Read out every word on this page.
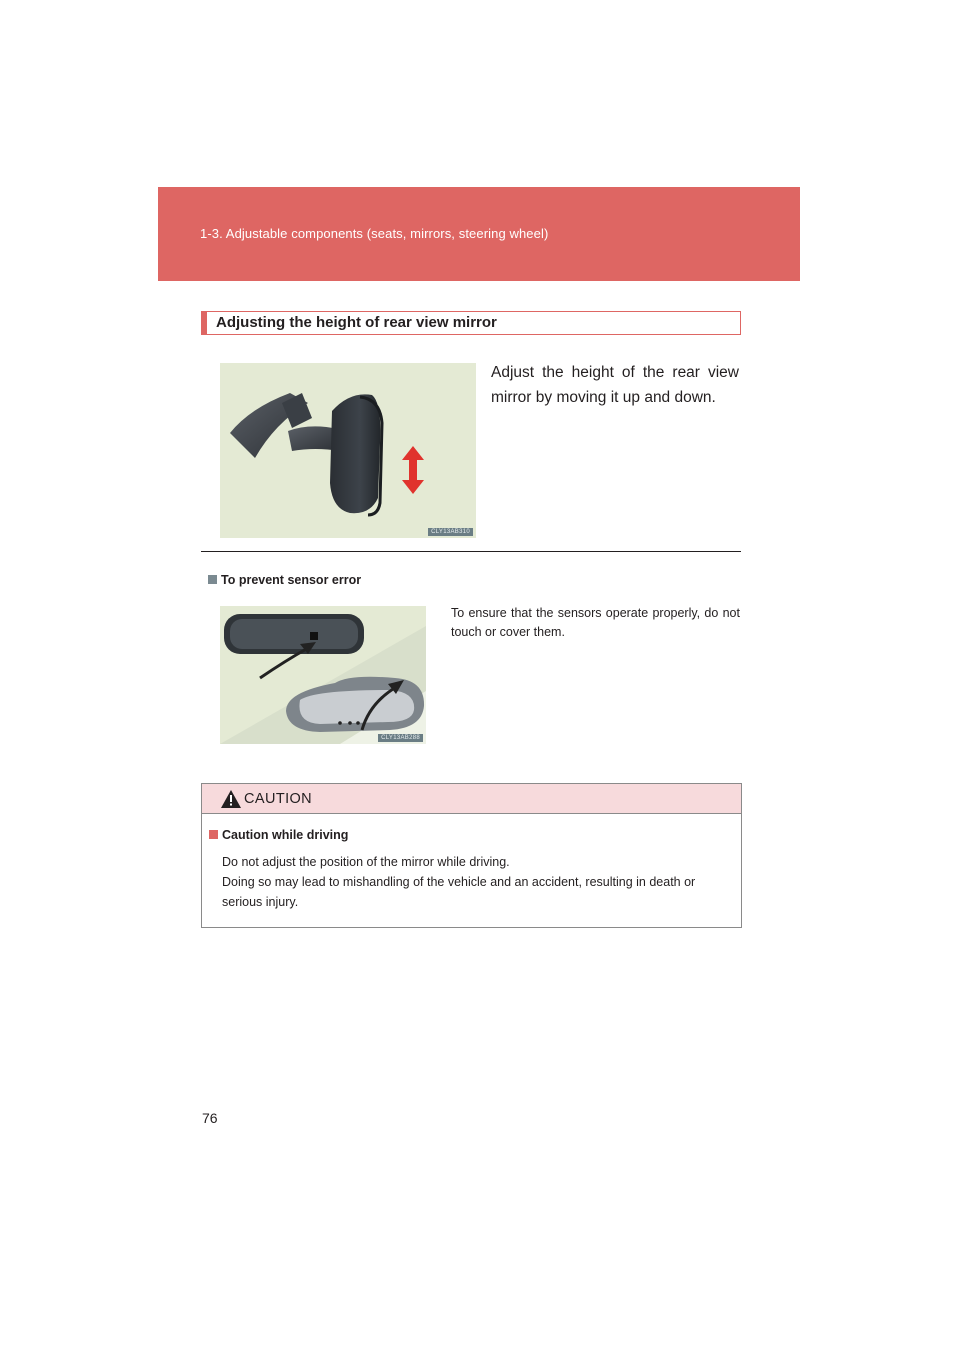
1-3. Adjustable components (seats, mirrors, steering wheel)
Adjusting the height of rear view mirror
CLY13AB310
Adjust the height of the rear view mirror by moving it up and down.
To prevent sensor error
CLY13AB288
To ensure that the sensors operate properly, do not touch or cover them.
CAUTION
Caution while driving
Do not adjust the position of the mirror while driving.
Doing so may lead to mishandling of the vehicle and an accident, resulting in death or serious injury.
76
